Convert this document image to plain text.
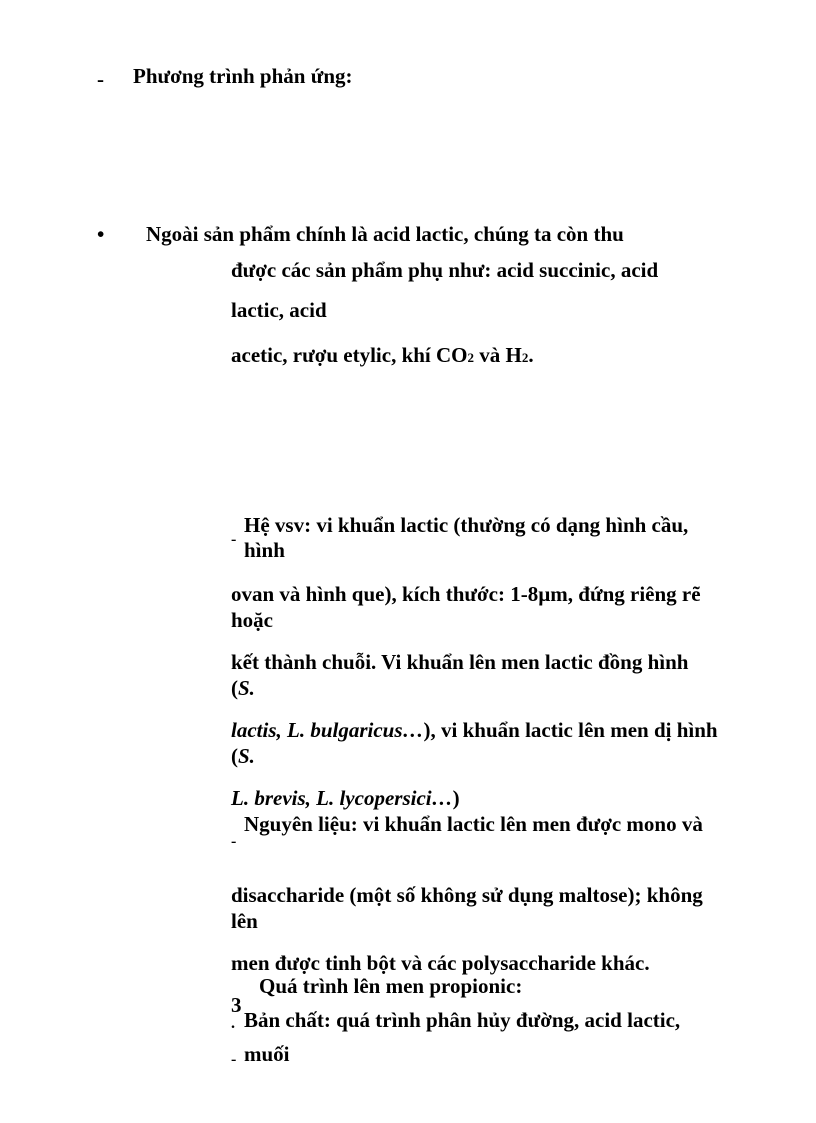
- Phương trình phản ứng:
• Ngoài sản phẩm chính là acid lactic, chúng ta còn thu
được các sản phẩm phụ như: acid succinic, acid
lactic, acid
acetic, rượu etylic, khí CO2 và H2.
-
Hệ vsv: vi khuẩn lactic (thường có dạng hình cầu,
hình
ovan và hình que), kích thước: 1-8µm, đứng riêng rẽ
hoặc
kết thành chuỗi. Vi khuẩn lên men lactic đồng hình
(S.
lactis, L. bulgaricus…), vi khuẩn lactic lên men dị hình
(S.
L. brevis, L. lycopersici…)
-
Nguyên liệu: vi khuẩn lactic lên men được mono và
disaccharide (một số không sử dụng maltose); không
lên
men được tinh bột và các polysaccharide khác.
3
.
Quá trình lên men propionic:
-
Bản chất: quá trình phân hủy đường, acid lactic,
muối
